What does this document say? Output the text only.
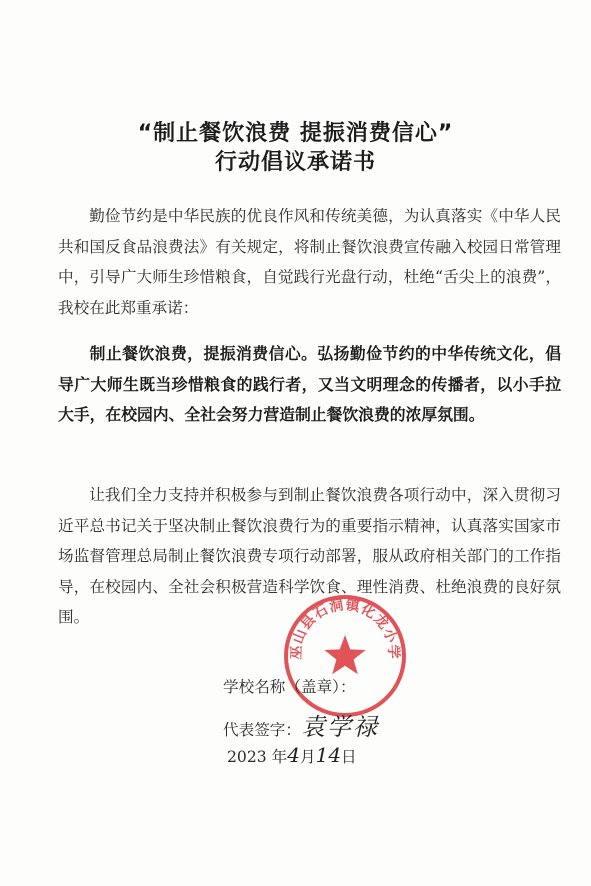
“制止餐饮浪费 提振消费信心”
行动倡议承诺书

勤俭节约是中华民族的优良作风和传统美德，为认真落实《中华人民共和国反食品浪费法》有关规定，将制止餐饮浪费宣传融入校园日常管理中，引导广大师生珍惜粮食，自觉践行光盘行动，杜绝“舌尖上的浪费”，我校在此郑重承诺：

制止餐饮浪费，提振消费信心。弘扬勤俭节约的中华传统文化，倡导广大师生既当珍惜粮食的践行者，又当文明理念的传播者，以小手拉大手，在校园内、全社会努力营造制止餐饮浪费的浓厚氛围。

让我们全力支持并积极参与到制止餐饮浪费各项行动中，深入贯彻习近平总书记关于坚决制止餐饮浪费行为的重要指示精神，认真落实国家市场监督管理总局制止餐饮浪费专项行动部署，服从政府相关部门的工作指导，在校园内、全社会积极营造科学饮食、理性消费、杜绝浪费的良好氛围。

巫山县石洞镇化龙小学
学校名称（盖章）：
代表签字：袁学禄
2023 年4月14日
